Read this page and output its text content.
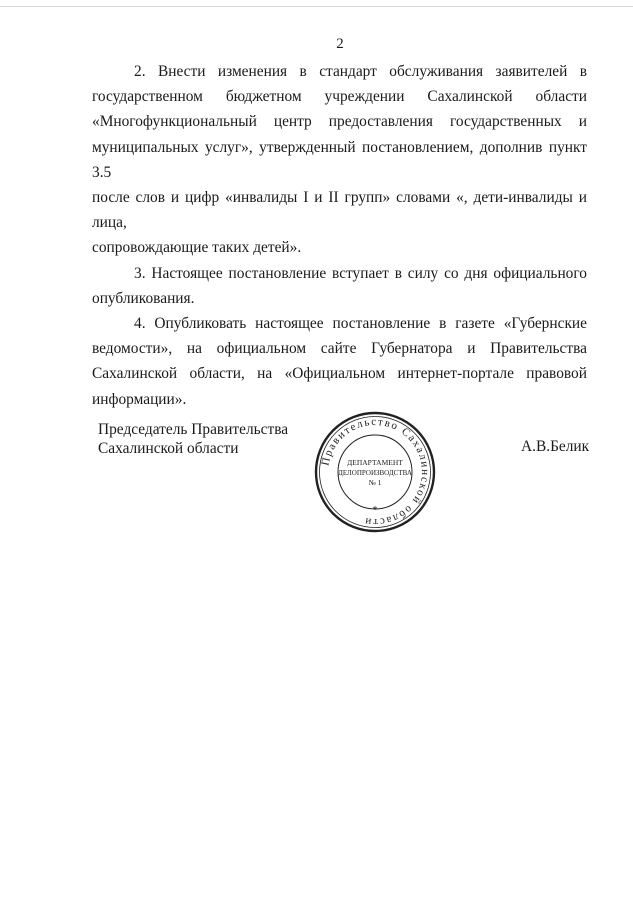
2
2. Внести изменения в стандарт обслуживания заявителей в
государственном бюджетном учреждении Сахалинской области
«Многофункциональный центр предоставления государственных и
муниципальных услуг», утвержденный постановлением, дополнив пункт 3.5
после слов и цифр «инвалиды I и II групп» словами «, дети-инвалиды и лица,
сопровождающие таких детей».
3. Настоящее постановление вступает в силу со дня официального
опубликования.
4. Опубликовать настоящее постановление в газете «Губернские
ведомости», на официальном сайте Губернатора и Правительства
Сахалинской области, на «Официальном интернет-портале правовой
информации».
Председатель Правительства
Сахалинской области	А.В.Белик
Правительство Сахалинской области
*
ДЕПАРТАМЕНТ
ДЕЛОПРОИЗВОДСТВА
№ 1
